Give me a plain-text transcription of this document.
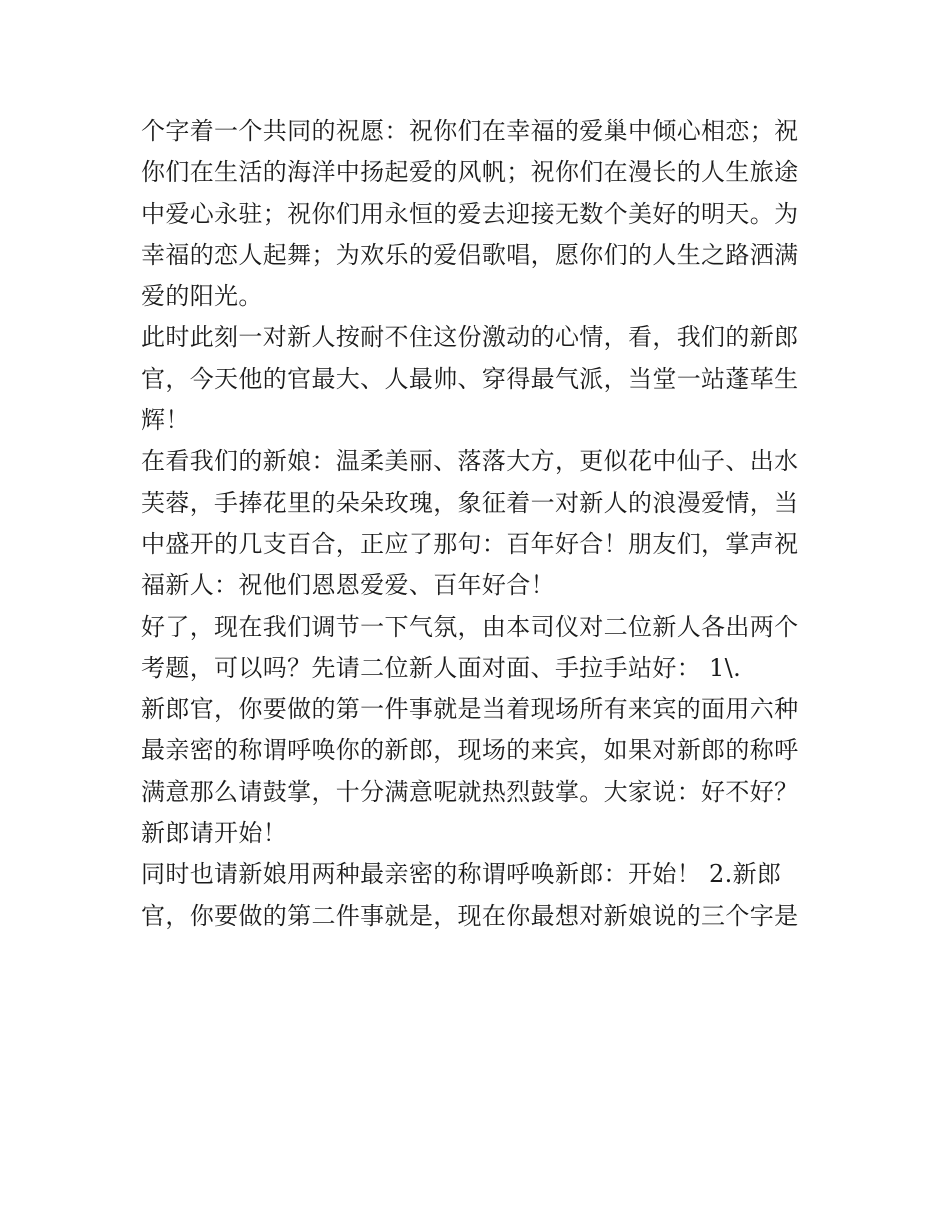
个字着一个共同的祝愿：祝你们在幸福的爱巢中倾心相恋；祝
你们在生活的海洋中扬起爱的风帆；祝你们在漫长的人生旅途
中爱心永驻；祝你们用永恒的爱去迎接无数个美好的明天。为
幸福的恋人起舞；为欢乐的爱侣歌唱，愿你们的人生之路洒满
爱的阳光。
此时此刻一对新人按耐不住这份激动的心情，看，我们的新郎
官，今天他的官最大、人最帅、穿得最气派，当堂一站蓬荜生
辉！
在看我们的新娘：温柔美丽、落落大方，更似花中仙子、出水
芙蓉，手捧花里的朵朵玫瑰，象征着一对新人的浪漫爱情，当
中盛开的几支百合，正应了那句：百年好合！朋友们，掌声祝
福新人：祝他们恩恩爱爱、百年好合！
好了，现在我们调节一下气氛，由本司仪对二位新人各出两个
考题，可以吗？先请二位新人面对面、手拉手站好： 1\.
新郎官，你要做的第一件事就是当着现场所有来宾的面用六种
最亲密的称谓呼唤你的新郎，现场的来宾，如果对新郎的称呼
满意那么请鼓掌，十分满意呢就热烈鼓掌。大家说：好不好？
新郎请开始！
同时也请新娘用两种最亲密的称谓呼唤新郎：开始！ 2.新郎
官，你要做的第二件事就是，现在你最想对新娘说的三个字是
